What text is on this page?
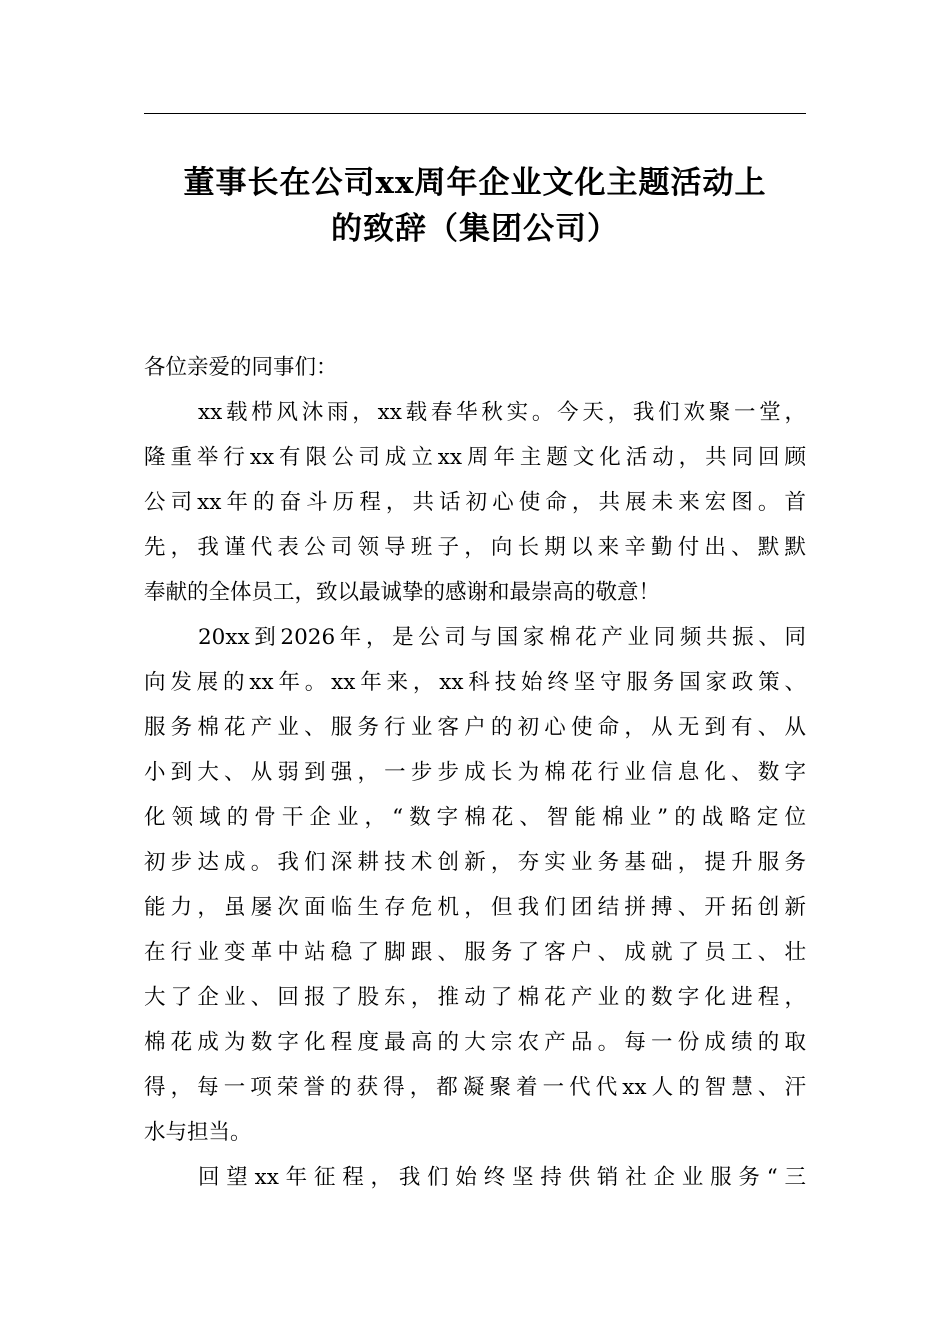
董事长在公司xx周年企业文化主题活动上
的致辞（集团公司）

各位亲爱的同事们：

xx载栉风沐雨，xx载春华秋实。今天，我们欢聚一堂，
隆重举行xx有限公司成立xx周年主题文化活动，共同回顾
公司xx年的奋斗历程，共话初心使命，共展未来宏图。首
先，我谨代表公司领导班子，向长期以来辛勤付出、默默
奉献的全体员工，致以最诚挚的感谢和最崇高的敬意！

20xx到2026年，是公司与国家棉花产业同频共振、同
向发展的xx年。xx年来，xx科技始终坚守服务国家政策、
服务棉花产业、服务行业客户的初心使命，从无到有、从
小到大、从弱到强，一步步成长为棉花行业信息化、数字
化领域的骨干企业，“数字棉花、智能棉业”的战略定位
初步达成。我们深耕技术创新，夯实业务基础，提升服务
能力，虽屡次面临生存危机，但我们团结拼搏、开拓创新
在行业变革中站稳了脚跟、服务了客户、成就了员工、壮
大了企业、回报了股东，推动了棉花产业的数字化进程，
棉花成为数字化程度最高的大宗农产品。每一份成绩的取
得，每一项荣誉的获得，都凝聚着一代代xx人的智慧、汗
水与担当。

回望xx年征程，我们始终坚持供销社企业服务“三
